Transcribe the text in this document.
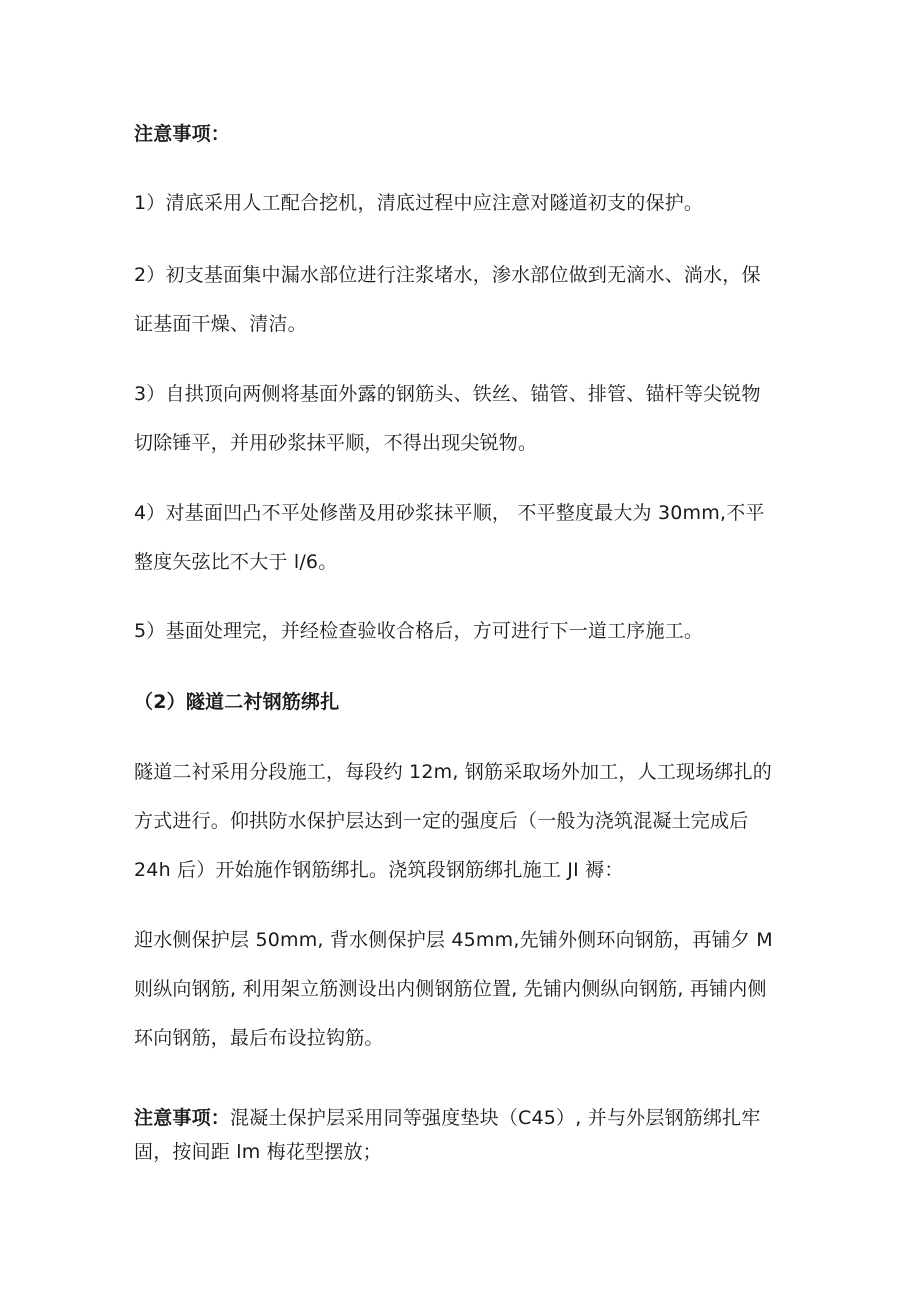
注意事项：
1）清底采用人工配合挖机，清底过程中应注意对隧道初支的保护。
2）初支基面集中漏水部位进行注浆堵水，渗水部位做到无滴水、淌水，保
证基面干燥、清洁。
3）自拱顶向两侧将基面外露的钢筋头、铁丝、锚管、排管、锚杆等尖锐物
切除锤平，并用砂浆抹平顺，不得出现尖锐物。
4）对基面凹凸不平处修凿及用砂浆抹平顺， 不平整度最大为 30mm,不平
整度矢弦比不大于 l/6。
5）基面处理完，并经检查验收合格后，方可进行下一道工序施工。
（2）隧道二衬钢筋绑扎
隧道二衬采用分段施工，每段约 12m, 钢筋采取场外加工，人工现场绑扎的
方式进行。仰拱防水保护层达到一定的强度后（一般为浇筑混凝土完成后
24h 后）开始施作钢筋绑扎。浇筑段钢筋绑扎施工 JI 褥：
迎水侧保护层 50mm, 背水侧保护层 45mm,先铺外侧环向钢筋，再铺夕 M
则纵向钢筋, 利用架立筋测设出内侧钢筋位置, 先铺内侧纵向钢筋, 再铺内侧
环向钢筋，最后布设拉钩筋。
注意事项：混凝土保护层采用同等强度垫块（C45）, 并与外层钢筋绑扎牢
固，按间距 lm 梅花型摆放；
